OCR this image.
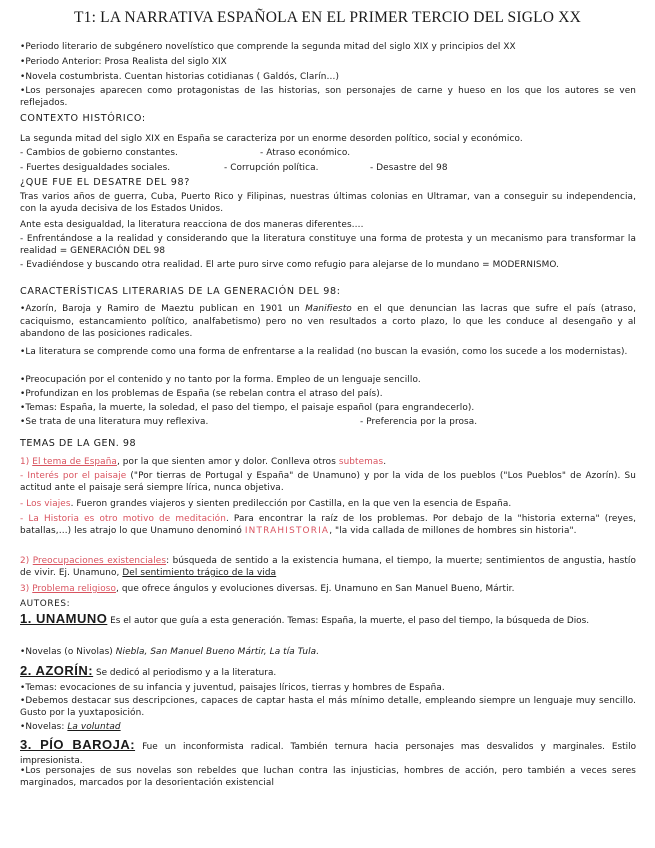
T1: LA NARRATIVA ESPAÑOLA EN EL PRIMER TERCIO DEL SIGLO XX
•Periodo literario de subgénero novelístico que comprende la segunda mitad del siglo XIX y principios del XX
•Periodo Anterior: Prosa Realista del siglo XIX
•Novela costumbrista. Cuentan historias cotidianas ( Galdós, Clarín…)
•Los personajes aparecen como protagonistas de las historias, son personajes de carne y hueso en los que los autores se ven reflejados.
CONTEXTO HISTÓRICO:
La segunda mitad del siglo XIX en España se caracteriza por un enorme desorden político, social y económico.
- Cambios de gobierno constantes.	- Atraso económico.
- Fuertes desigualdades sociales.	- Corrupción política.	- Desastre del 98
¿QUE FUE EL DESATRE DEL 98?
Tras varios años de guerra, Cuba, Puerto Rico y Filipinas, nuestras últimas colonias en Ultramar, van a conseguir su independencia, con la ayuda decisiva de los Estados Unidos.
Ante esta desigualdad, la literatura reacciona de dos maneras diferentes….
- Enfrentándose a la realidad y considerando que la literatura constituye una forma de protesta y un mecanismo para transformar la realidad = GENERACIÓN DEL 98
- Evadiéndose y buscando otra realidad. El arte puro sirve como refugio para alejarse de lo mundano = MODERNISMO.
CARACTERÍSTICAS LITERARIAS DE LA GENERACIÓN DEL 98:
•Azorín, Baroja y Ramiro de Maeztu publican en 1901 un Manifiesto en el que denuncian las lacras que sufre el país (atraso, caciquismo, estancamiento político, analfabetismo) pero no ven resultados a corto plazo, lo que les conduce al desengaño y al abandono de las posiciones radicales.
•La literatura se comprende como una forma de enfrentarse a la realidad (no buscan la evasión, como los sucede a los modernistas).
•Preocupación por el contenido y no tanto por la forma. Empleo de un lenguaje sencillo.
•Profundizan en los problemas de España (se rebelan contra el atraso del país).
•Temas: España, la muerte, la soledad, el paso del tiempo, el paisaje español (para engrandecerlo).
•Se trata de una literatura muy reflexiva.	- Preferencia por la prosa.
TEMAS DE LA GEN. 98
1) El tema de España, por la que sienten amor y dolor. Conlleva otros subtemas.
- Interés por el paisaje ("Por tierras de Portugal y España" de Unamuno) y por la vida de los pueblos ("Los Pueblos" de Azorín). Su actitud ante el paisaje será siempre lírica, nunca objetiva.
- Los viajes. Fueron grandes viajeros y sienten predilección por Castilla, en la que ven la esencia de España.
- La Historia es otro motivo de meditación. Para encontrar la raíz de los problemas. Por debajo de la "historia externa" (reyes, batallas,…) les atrajo lo que Unamuno denominó INTRAHISTORIA, "la vida callada de millones de hombres sin historia".
2) Preocupaciones existenciales: búsqueda de sentido a la existencia humana, el tiempo, la muerte; sentimientos de angustia, hastío de vivir. Ej. Unamuno, Del sentimiento trágico de la vida
3) Problema religioso, que ofrece ángulos y evoluciones diversas. Ej. Unamuno en San Manuel Bueno, Mártir.
AUTORES:
1. UNAMUNO Es el autor que guía a esta generación. Temas: España, la muerte, el paso del tiempo, la búsqueda de Dios.
•Novelas (o Nivolas) Niebla, San Manuel Bueno Mártir, La tía Tula.
2. AZORÍN: Se dedicó al periodismo y a la literatura.
•Temas: evocaciones de su infancia y juventud, paisajes líricos, tierras y hombres de España.
•Debemos destacar sus descripciones, capaces de captar hasta el más mínimo detalle, empleando siempre un lenguaje muy sencillo. Gusto por la yuxtaposición.
•Novelas: La voluntad
3. PÍO BAROJA: Fue un inconformista radical. También ternura hacia personajes mas desvalidos y marginales. Estilo impresionista.
•Los personajes de sus novelas son rebeldes que luchan contra las injusticias, hombres de acción, pero también a veces seres marginados, marcados por la desorientación existencial
